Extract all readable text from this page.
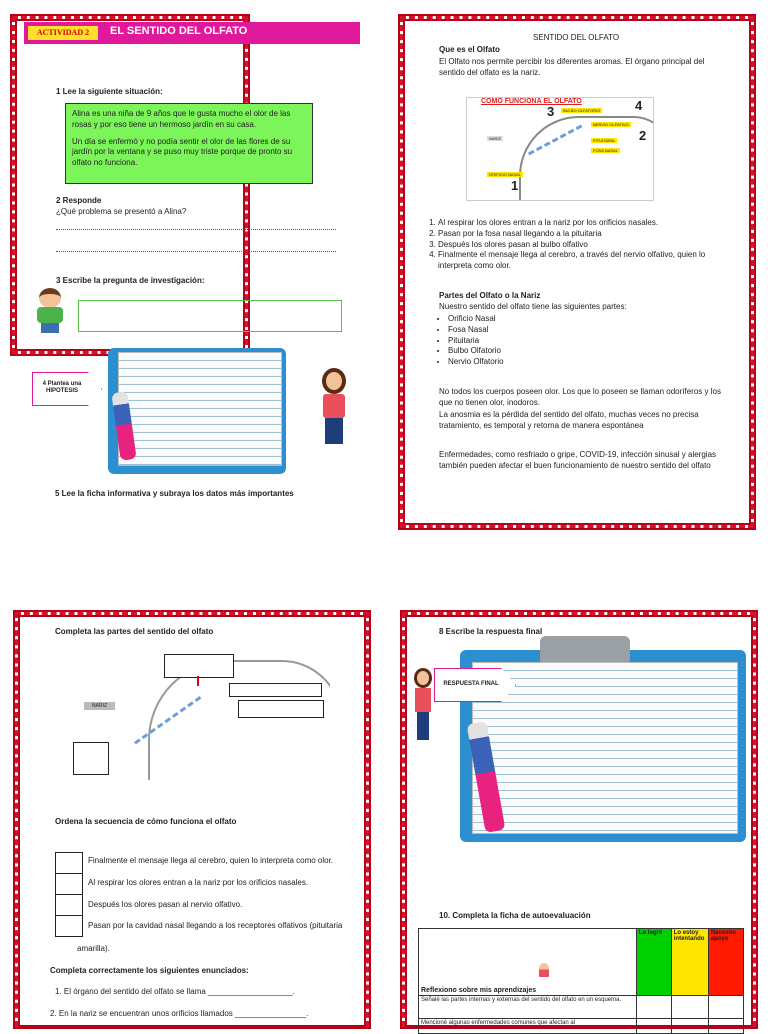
ACTIVIDAD 2	EL SENTIDO DEL OLFATO
1 Lee la siguiente situación:
Alina es una niña de 9 años que le gusta mucho el olor de las rosas y por eso tiene un hermoso jardín en su casa.
Un día se enfermó y no podía sentir el olor de las flores de su jardín por la ventana y se puso muy triste porque de pronto su olfato no funciona.
2 Responde
¿Qué problema se presentó a Alina?
3 Escribe la pregunta de investigación:
4 Plantea una HIPOTESIS
5 Lee la ficha informativa y subraya los datos más importantes
SENTIDO DEL OLFATO
Que es el Olfato
El Olfato nos permite percibir los diferentes aromas. El órgano principal del sentido del olfato es la nariz.
CÓMO FUNCIONA EL OLFATO
BULBO OLFATORIO
NERVIO OLFATIVO
PITUITARIA
FOSA NASAL
NARIZ
ORIFICIO NASAL
3	4
2
1
1. Al respirar los olores entran a la nariz por los orificios nasales.
2. Pasan por la fosa nasal llegando a la pituitaria
3. Después los olores pasan al bulbo olfativo
4. Finalmente el mensaje llega al cerebro, a través del nervio olfativo, quien lo interpreta como olor.
Partes del Olfato o la Nariz
Nuestro sentido del olfato tiene las siguientes partes:
• Orificio Nasal
• Fosa Nasal
• Pituitaria
• Bulbo Olfatorio
• Nervio Olfatorio
No todos los cuerpos poseen olor. Los que lo poseen se llaman odoríferos y los que no tienen olor, inodoros.
La anosmia es la pérdida del sentido del olfato, muchas veces no precisa tratamiento, es temporal y retorna de manera espontánea
Enfermedades, como resfriado o gripe, COVID-19, infección sinusal y alergias también pueden afectar el buen funcionamiento de nuestro sentido del olfato
Completa las partes del sentido del olfato
NARIZ
Ordena la secuencia de cómo funciona el olfato
Finalmente el mensaje llega al cerebro, quien lo interpreta como olor.
Al respirar los olores entran a la nariz por los orificios nasales.
Después los olores pasan al nervio olfativo.
Pasan por la cavidad nasal llegando a los receptores olfativos (pituitaria
amarilla).
Completa correctamente los siguientes enunciados:
1. El órgano del sentido del olfato se llama ___________________.
2. En la nariz se encuentran unos orificios llamados ________________.
8 Escribe la respuesta final
RESPUESTA FINAL
10. Completa la ficha de autoevaluación
Reflexiono sobre mis aprendizajes	Lo logré	Lo estoy intentando	Necesito apoyo
Señalé las partes internas y externas del sentido del olfato en un esquema.			
Mencioné algunas enfermedades comunes que afectan al			
